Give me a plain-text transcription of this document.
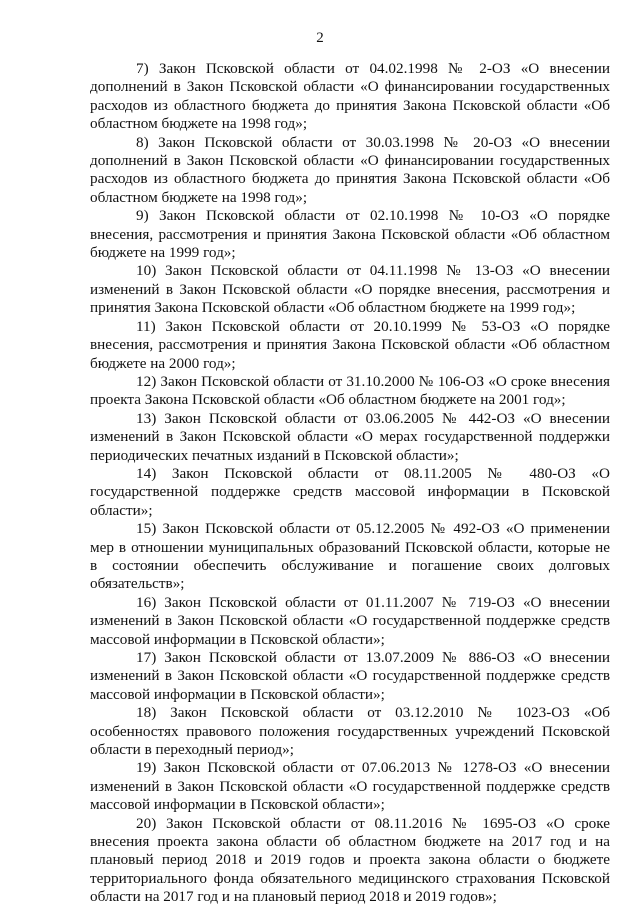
2

7) Закон Псковской области от 04.02.1998 № 2-ОЗ «О внесении дополнений в Закон Псковской области «О финансировании государственных расходов из областного бюджета до принятия Закона Псковской области «Об областном бюджете на 1998 год»;

8) Закон Псковской области от 30.03.1998 № 20-ОЗ «О внесении дополнений в Закон Псковской области «О финансировании государственных расходов из областного бюджета до принятия Закона Псковской области «Об областном бюджете на 1998 год»;

9) Закон Псковской области от 02.10.1998 № 10-ОЗ «О порядке внесения, рассмотрения и принятия Закона Псковской области «Об областном бюджете на 1999 год»;

10) Закон Псковской области от 04.11.1998 № 13-ОЗ «О внесении изменений в Закон Псковской области «О порядке внесения, рассмотрения и принятия Закона Псковской области «Об областном бюджете на 1999 год»;

11) Закон Псковской области от 20.10.1999 № 53-ОЗ «О порядке внесения, рассмотрения и принятия Закона Псковской области «Об областном бюджете на 2000 год»;

12) Закон Псковской области от 31.10.2000 № 106-ОЗ «О сроке внесения проекта Закона Псковской области «Об областном бюджете на 2001 год»;

13) Закон Псковской области от 03.06.2005 № 442-ОЗ «О внесении изменений в Закон Псковской области «О мерах государственной поддержки периодических печатных изданий в Псковской области»;

14) Закон Псковской области от 08.11.2005 № 480-ОЗ «О государственной поддержке средств массовой информации в Псковской области»;

15) Закон Псковской области от 05.12.2005 № 492-ОЗ «О применении мер в отношении муниципальных образований Псковской области, которые не в состоянии обеспечить обслуживание и погашение своих долговых обязательств»;

16) Закон Псковской области от 01.11.2007 № 719-ОЗ «О внесении изменений в Закон Псковской области «О государственной поддержке средств массовой информации в Псковской области»;

17) Закон Псковской области от 13.07.2009 № 886-ОЗ «О внесении изменений в Закон Псковской области «О государственной поддержке средств массовой информации в Псковской области»;

18) Закон Псковской области от 03.12.2010 № 1023-ОЗ «Об особенностях правового положения государственных учреждений Псковской области в переходный период»;

19) Закон Псковской области от 07.06.2013 № 1278-ОЗ «О внесении изменений в Закон Псковской области «О государственной поддержке средств массовой информации в Псковской области»;

20) Закон Псковской области от 08.11.2016 № 1695-ОЗ «О сроке внесения проекта закона области об областном бюджете на 2017 год и на плановый период 2018 и 2019 годов и проекта закона области о бюджете территориального фонда обязательного медицинского страхования Псковской области на 2017 год и на плановый период 2018 и 2019 годов»;
